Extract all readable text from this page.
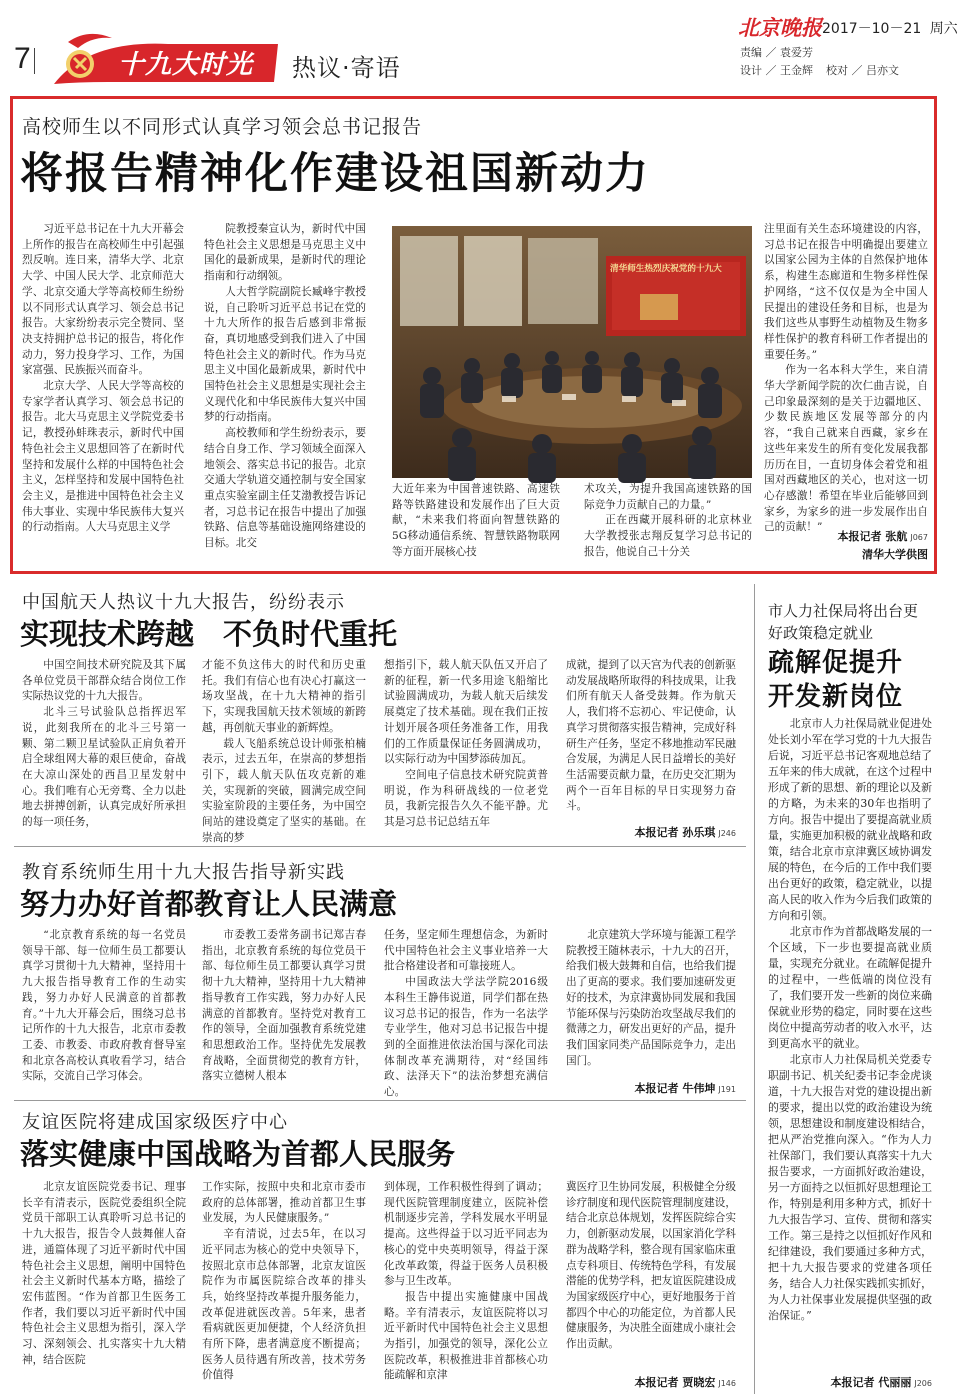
7	十九大时光 热议·寄语
北京晚报 2017－10－21 周六
责编 ／ 袁爱芳
设计 ／ 王金辉 校对 ／ 吕亦文
高校师生以不同形式认真学习领会总书记报告
将报告精神化作建设祖国新动力

习近平总书记在十九大开幕会上所作的报告在高校师生中引起强烈反响。连日来，清华大学、北京大学、中国人民大学、北京师范大学、北京交通大学等高校师生纷纷以不同形式认真学习、领会总书记报告。大家纷纷表示完全赞同、坚决支持拥护总书记的报告，将化作动力，努力投身学习、工作，为国家富强、民族振兴而奋斗。

北京大学、人民大学等高校的专家学者认真学习、领会总书记的报告。北大马克思主义学院党委书记，教授孙蚌珠表示，新时代中国特色社会主义思想回答了在新时代坚持和发展什么样的中国特色社会主义，怎样坚持和发展中国特色社会主义，是推进中国特色社会主义伟大事业、实现中华民族伟大复兴的行动指南。人大马克思主义学

院教授秦宣认为，新时代中国特色社会主义思想是马克思主义中国化的最新成果，是新时代的理论指南和行动纲领。

人大哲学院副院长臧峰宇教授说，自己聆听习近平总书记在党的十九大所作的报告后感到非常振奋，真切地感受到我们进入了中国特色社会主义的新时代。作为马克思主义中国化最新成果，新时代中国特色社会主义思想是实现社会主义现代化和中华民族伟大复兴中国梦的行动指南。

高校教师和学生纷纷表示，要结合自身工作、学习领域全面深入地领会、落实总书记的报告。北京交通大学轨道交通控制与安全国家重点实验室副主任艾渤教授告诉记者，习总书记在报告中提出了加强铁路、信息等基础设施网络建设的目标。北交

清华师生热烈庆祝党的十九大

大近年来为中国普速铁路、高速铁路等铁路建设和发展作出了巨大贡献，“未来我们将面向智慧铁路的5G移动通信系统、智慧铁路物联网等方面开展核心技

术攻关，为提升我国高速铁路的国际竞争力贡献自己的力量。”

正在西藏开展科研的北京林业大学教授张志翔反复学习总书记的报告，他说自己十分关

注里面有关生态环境建设的内容，习总书记在报告中明确提出要建立以国家公园为主体的自然保护地体系，构建生态廊道和生物多样性保护网络，“这不仅仅是为全中国人民提出的建设任务和目标，也是为我们这些从事野生动植物及生物多样性保护的教育科研工作者提出的重要任务。”

作为一名本科大学生，来自清华大学新闻学院的次仁曲吉说，自己印象最深刻的是关于边疆地区、少数民族地区发展等部分的内容，“我自己就来自西藏，家乡在这些年来发生的所有变化发展我都历历在目，一直切身体会着党和祖国对西藏地区的关心，也对这一切心存感激！希望在毕业后能够回到家乡，为家乡的进一步发展作出自己的贡献！”

本报记者 张航 J067
清华大学供图
市人力社保局将出台更好政策稳定就业
疏解促提升
开发新岗位

北京市人力社保局就业促进处处长刘小军在学习党的十九大报告后说，习近平总书记客观地总结了五年来的伟大成就，在这个过程中形成了新的思想、新的理论以及新的方略，为未来的30年也指明了方向。报告中提出了要提高就业质量，实施更加积极的就业战略和政策，结合北京市京津冀区域协调发展的特色，在今后的工作中我们要出台更好的政策，稳定就业，以提高人民的收入作为今后我们政策的方向和引领。

北京市作为首都战略发展的一个区域，下一步也要提高就业质量，实现充分就业。在疏解促提升的过程中，一些低端的岗位没有了，我们要开发一些新的岗位来确保就业形势的稳定，同时要在这些岗位中提高劳动者的收入水平，达到更高水平的就业。

北京市人力社保局机关党委专职副书记、机关纪委书记李金虎谈道，十九大报告对党的建设提出新的要求，提出以党的政治建设为统领，思想建设和制度建设相结合，把从严治党推向深入。“作为人力社保部门，我们要认真落实十九大报告要求，一方面抓好政治建设，另一方面持之以恒抓好思想理论工作，特别是利用多种方式，抓好十九大报告学习、宣传、贯彻和落实工作。第三是持之以恒抓好作风和纪律建设，我们要通过多种方式，把十九大报告要求的党建各项任务，结合人力社保实践抓实抓好，为人力社保事业发展提供坚强的政治保证。”

本报记者 代丽丽 J206
中国航天人热议十九大报告，纷纷表示
实现技术跨越　不负时代重托

中国空间技术研究院及其下属各单位党员干部群众结合岗位工作实际热议党的十九大报告。

北斗三号试验队总指挥迟军说，此刻我所在的北斗三号第一颗、第二颗卫星试验队正肩负着开启全球组网大幕的艰巨使命，奋战在大凉山深处的西昌卫星发射中心。我们唯有心无旁骛、全力以赴地去拼搏创新，认真完成好所承担的每一项任务，

才能不负这伟大的时代和历史重托。我们有信心也有决心打赢这一场攻坚战，在十九大精神的指引下，实现我国航天技术领域的新跨越，再创航天事业的新辉煌。

载人飞船系统总设计师张柏楠表示，过去五年，在崇高的梦想指引下，载人航天队伍攻克新的难关，实现新的突破，圆满完成空间实验室阶段的主要任务，为中国空间站的建设奠定了坚实的基础。在崇高的梦

想指引下，载人航天队伍又开启了新的征程，新一代多用途飞船缩比试验圆满成功，为载人航天后续发展奠定了技术基础。现在我们正按计划开展各项任务准备工作，用我们的工作质量保证任务圆满成功，以实际行动为中国梦添砖加瓦。

空间电子信息技术研究院黄普明说，作为科研战线的一位老党员，我新完报告久久不能平静。尤其是习总书记总结五年

成就，提到了以天宫为代表的创新驱动发展战略所取得的科技成果，让我们所有航天人备受鼓舞。作为航天人，我们将不忘初心、牢记使命，认真学习贯彻落实报告精神，完成好科研生产任务，坚定不移地推动军民融合发展，为满足人民日益增长的美好生活需要贡献力量，在历史交汇期为两个一百年目标的早日实现努力奋斗。

本报记者 孙乐琪 J246
教育系统师生用十九大报告指导新实践
努力办好首都教育让人民满意

“北京教育系统的每一名党员领导干部、每一位师生员工都要认真学习贯彻十九大精神，坚持用十九大报告指导教育工作的生动实践，努力办好人民满意的首都教育。”十九大开幕会后，围绕习总书记所作的十九大报告，北京市委教工委、市教委、市政府教育督导室和北京各高校认真收看学习，结合实际，交流自己学习体会。

市委教工委常务副书记郑吉春指出，北京教育系统的每位党员干部、每位师生员工都要认真学习贯彻十九大精神，坚持用十九大精神指导教育工作实践，努力办好人民满意的首都教育。坚持党对教育工作的领导，全面加强教育系统党建和思想政治工作。坚持优先发展教育战略，全面贯彻党的教育方针，落实立德树人根本

任务，坚定师生理想信念，为新时代中国特色社会主义事业培养一大批合格建设者和可靠接班人。

中国政法大学法学院2016级本科生王静伟说道，同学们都在热议习总书记的报告，作为一名法学专业学生，他对习总书记报告中提到的全面推进依法治国与深化司法体制改革充满期待，对“经国纬政、法泽天下”的法治梦想充满信心。

北京建筑大学环境与能源工程学院教授王随林表示，十九大的召开，给我们极大鼓舞和自信，也给我们提出了更高的要求。我们要加速研发更好的技术，为京津冀协同发展和我国节能环保与污染防治攻坚战尽我们的微薄之力，研发出更好的产品，提升我们国家同类产品国际竞争力，走出国门。

本报记者 牛伟坤 J191
友谊医院将建成国家级医疗中心
落实健康中国战略为首都人民服务

北京友谊医院党委书记、理事长辛有清表示，医院党委组织全院党员干部职工认真聆听习总书记的十九大报告，报告令人鼓舞催人奋进，通篇体现了习近平新时代中国特色社会主义思想，阐明中国特色社会主义新时代基本方略，描绘了宏伟蓝图。“作为首都卫生医务工作者，我们要以习近平新时代中国特色社会主义思想为指引，深入学习、深刻领会、扎实落实十九大精神，结合医院

工作实际，按照中央和北京市委市政府的总体部署，推动首都卫生事业发展，为人民健康服务。”

辛有清说，过去5年，在以习近平同志为核心的党中央领导下，按照北京市总体部署，北京友谊医院作为市属医院综合改革的排头兵，始终坚持改革提升服务能力，改革促进就医改善。5年来，患者看病就医更加便捷，个人经济负担有所下降，患者满意度不断提高；医务人员待遇有所改善，技术劳务价值得

到体现，工作积极性得到了调动；现代医院管理制度建立，医院补偿机制逐步完善，学科发展水平明显提高。这些得益于以习近平同志为核心的党中央英明领导，得益于深化改革政策，得益于医务人员积极参与卫生改革。

报告中提出实施健康中国战略。辛有清表示，友谊医院将以习近平新时代中国特色社会主义思想为指引，加强党的领导，深化公立医院改革，积极推进非首都核心功能疏解和京津

冀医疗卫生协同发展，积极健全分级诊疗制度和现代医院管理制度建设，结合北京总体规划，发挥医院综合实力，创新驱动发展，以国家消化学科群为战略学科，整合现有国家临床重点专科项目、传统特色学科，有发展潜能的优势学科，把友谊医院建设成为国家级医疗中心，更好地服务于首都四个中心的功能定位，为首都人民健康服务，为决胜全面建成小康社会作出贡献。

本报记者 贾晓宏 J146
